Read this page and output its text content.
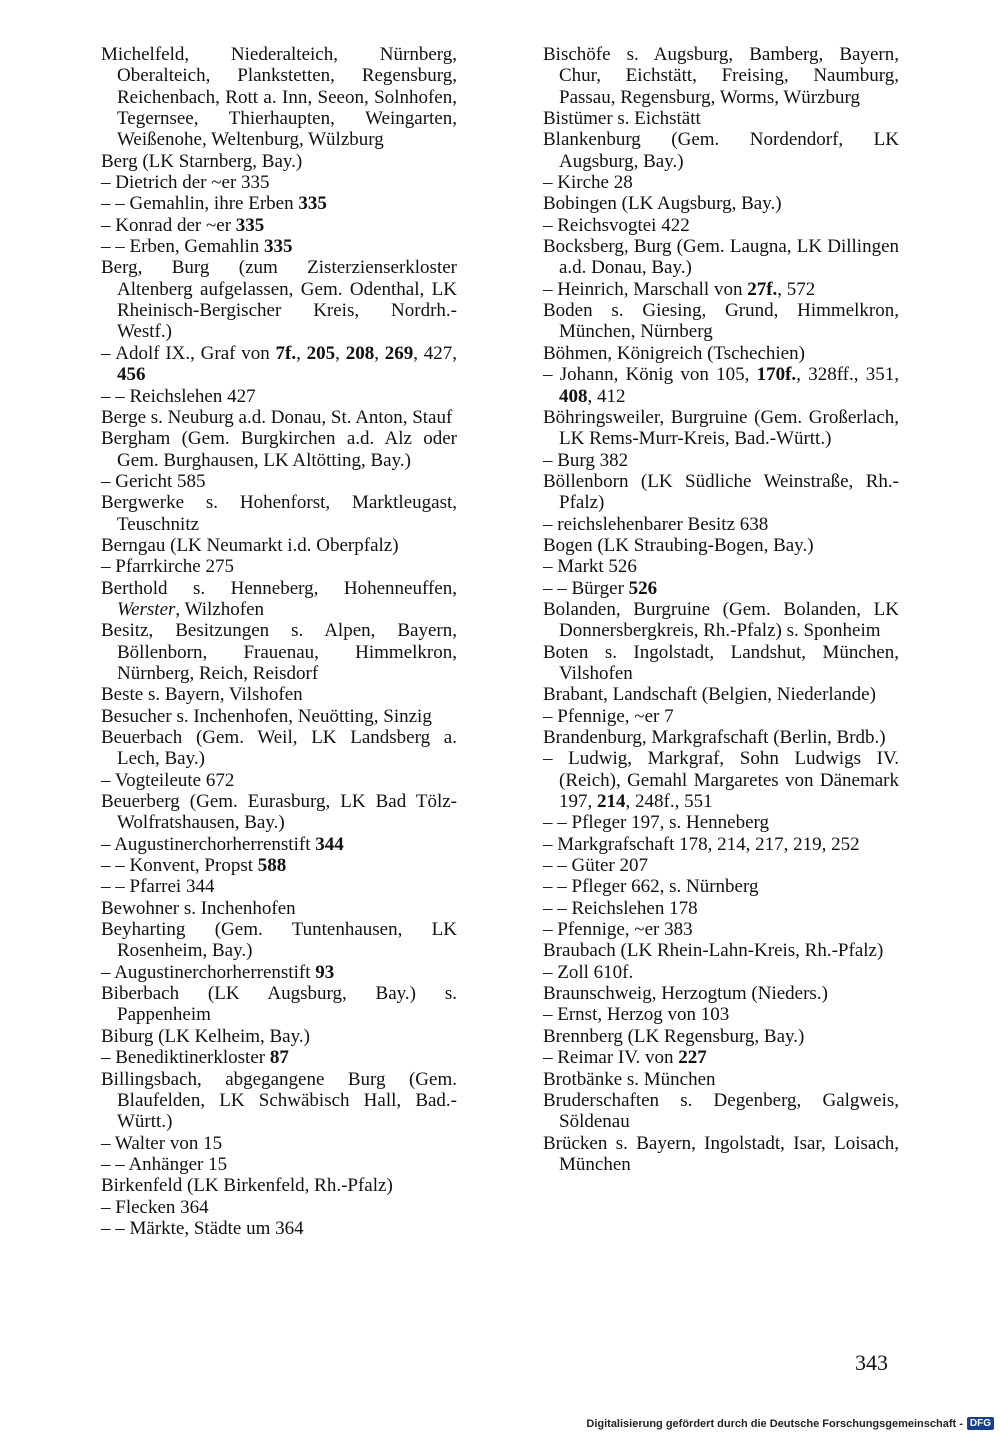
Michelfeld, Niederalteich, Nürnberg, Oberalteich, Plankstetten, Regensburg, Reichenbach, Rott a. Inn, Seeon, Solnhofen, Tegernsee, Thierhaupten, Weingarten, Weißenohe, Weltenburg, Wülzburg

Berg (LK Starnberg, Bay.)

– Dietrich der ~er 335

– – Gemahlin, ihre Erben 335

– Konrad der ~er 335

– – Erben, Gemahlin 335

Berg, Burg (zum Zisterzienserkloster Altenberg aufgelassen, Gem. Odenthal, LK Rheinisch-Bergischer Kreis, Nordrh.-Westf.)

– Adolf IX., Graf von 7f., 205, 208, 269, 427, 456

– – Reichslehen 427

Berge s. Neuburg a.d. Donau, St. Anton, Stauf

Bergham (Gem. Burgkirchen a.d. Alz oder Gem. Burghausen, LK Altötting, Bay.)

– Gericht 585

Bergwerke s. Hohenforst, Marktleugast, Teuschnitz

Berngau (LK Neumarkt i.d. Oberpfalz)

– Pfarrkirche 275

Berthold s. Henneberg, Hohenneuffen, Werster, Wilzhofen

Besitz, Besitzungen s. Alpen, Bayern, Böllenborn, Frauenau, Himmelkron, Nürnberg, Reich, Reisdorf

Beste s. Bayern, Vilshofen

Besucher s. Inchenhofen, Neuötting, Sinzig

Beuerbach (Gem. Weil, LK Landsberg a. Lech, Bay.)

– Vogteileute 672

Beuerberg (Gem. Eurasburg, LK Bad Tölz-Wolfratshausen, Bay.)

– Augustinerchorherrenstift 344

– – Konvent, Propst 588

– – Pfarrei 344

Bewohner s. Inchenhofen

Beyharting (Gem. Tuntenhausen, LK Rosenheim, Bay.)

– Augustinerchorherrenstift 93

Biberbach (LK Augsburg, Bay.) s. Pappenheim

Biburg (LK Kelheim, Bay.)

– Benediktinerkloster 87

Billingsbach, abgegangene Burg (Gem. Blaufelden, LK Schwäbisch Hall, Bad.-Württ.)

– Walter von 15

– – Anhänger 15

Birkenfeld (LK Birkenfeld, Rh.-Pfalz)

– Flecken 364

– – Märkte, Städte um 364

Bischöfe s. Augsburg, Bamberg, Bayern, Chur, Eichstätt, Freising, Naumburg, Passau, Regensburg, Worms, Würzburg

Bistümer s. Eichstätt

Blankenburg (Gem. Nordendorf, LK Augsburg, Bay.)

– Kirche 28

Bobingen (LK Augsburg, Bay.)

– Reichsvogtei 422

Bocksberg, Burg (Gem. Laugna, LK Dillingen a.d. Donau, Bay.)

– Heinrich, Marschall von 27f., 572

Boden s. Giesing, Grund, Himmelkron, München, Nürnberg

Böhmen, Königreich (Tschechien)

– Johann, König von 105, 170f., 328ff., 351, 408, 412

Böhringsweiler, Burgruine (Gem. Großerlach, LK Rems-Murr-Kreis, Bad.-Württ.)

– Burg 382

Böllenborn (LK Südliche Weinstraße, Rh.-Pfalz)

– reichslehenbarer Besitz 638

Bogen (LK Straubing-Bogen, Bay.)

– Markt 526

– – Bürger 526

Bolanden, Burgruine (Gem. Bolanden, LK Donnersbergkreis, Rh.-Pfalz) s. Sponheim

Boten s. Ingolstadt, Landshut, München, Vilshofen

Brabant, Landschaft (Belgien, Niederlande)

– Pfennige, ~er 7

Brandenburg, Markgrafschaft (Berlin, Brdb.)

– Ludwig, Markgraf, Sohn Ludwigs IV. (Reich), Gemahl Margaretes von Dänemark 197, 214, 248f., 551

– – Pfleger 197, s. Henneberg

– Markgrafschaft 178, 214, 217, 219, 252

– – Güter 207

– – Pfleger 662, s. Nürnberg

– – Reichslehen 178

– Pfennige, ~er 383

Braubach (LK Rhein-Lahn-Kreis, Rh.-Pfalz)

– Zoll 610f.

Braunschweig, Herzogtum (Nieders.)

– Ernst, Herzog von 103

Brennberg (LK Regensburg, Bay.)

– Reimar IV. von 227

Brotbänke s. München

Bruderschaften s. Degenberg, Galgweis, Söldenau

Brücken s. Bayern, Ingolstadt, Isar, Loisach, München

343
Digitalisierung gefördert durch die Deutsche Forschungsgemeinschaft - DFG
